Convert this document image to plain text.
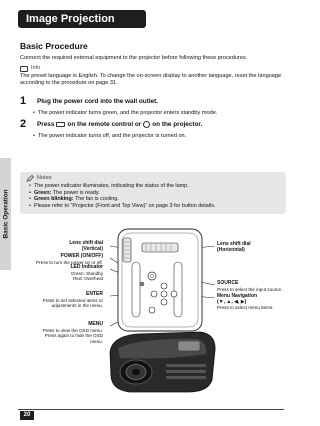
Basic Operation
Image Projection
Basic Procedure
Connect the required external equipment to the projector before following these procedures.
Info
The preset language is English. To change the on-screen display to another language, reset the language
according to the procedure on page 31.
1 Plug the power cord into the wall outlet.
• The power indicator turns green, and the projector enters standby mode.
2 Press on the remote control or on the projector.
• The power indicator turns off, and the projector is turned on.
Notes
• The power indicator illuminates, indicating the status of the lamp.
• Green: The power is ready.
• Green blinking: The fan is cooling.
• Please refer to “Projector (Front and Top View)” on page 3 for button details.
Lens shift dial
(Vertical)
POWER (ON/OFF)
Press to turn the power on or off.
LED Indicator
Green: Standby
Red: Overheat
ENTER
Press to set selected items or
adjustments in the menu.
MENU
Press to view the OSD menu.
Press again to hide the OSD
menu.
Lens shift dial
(Horizontal)
SOURCE
Press to select the input source.
Menu Navigation
(▼, ▲, ◀, ▶)
Press to select menu items.
20
